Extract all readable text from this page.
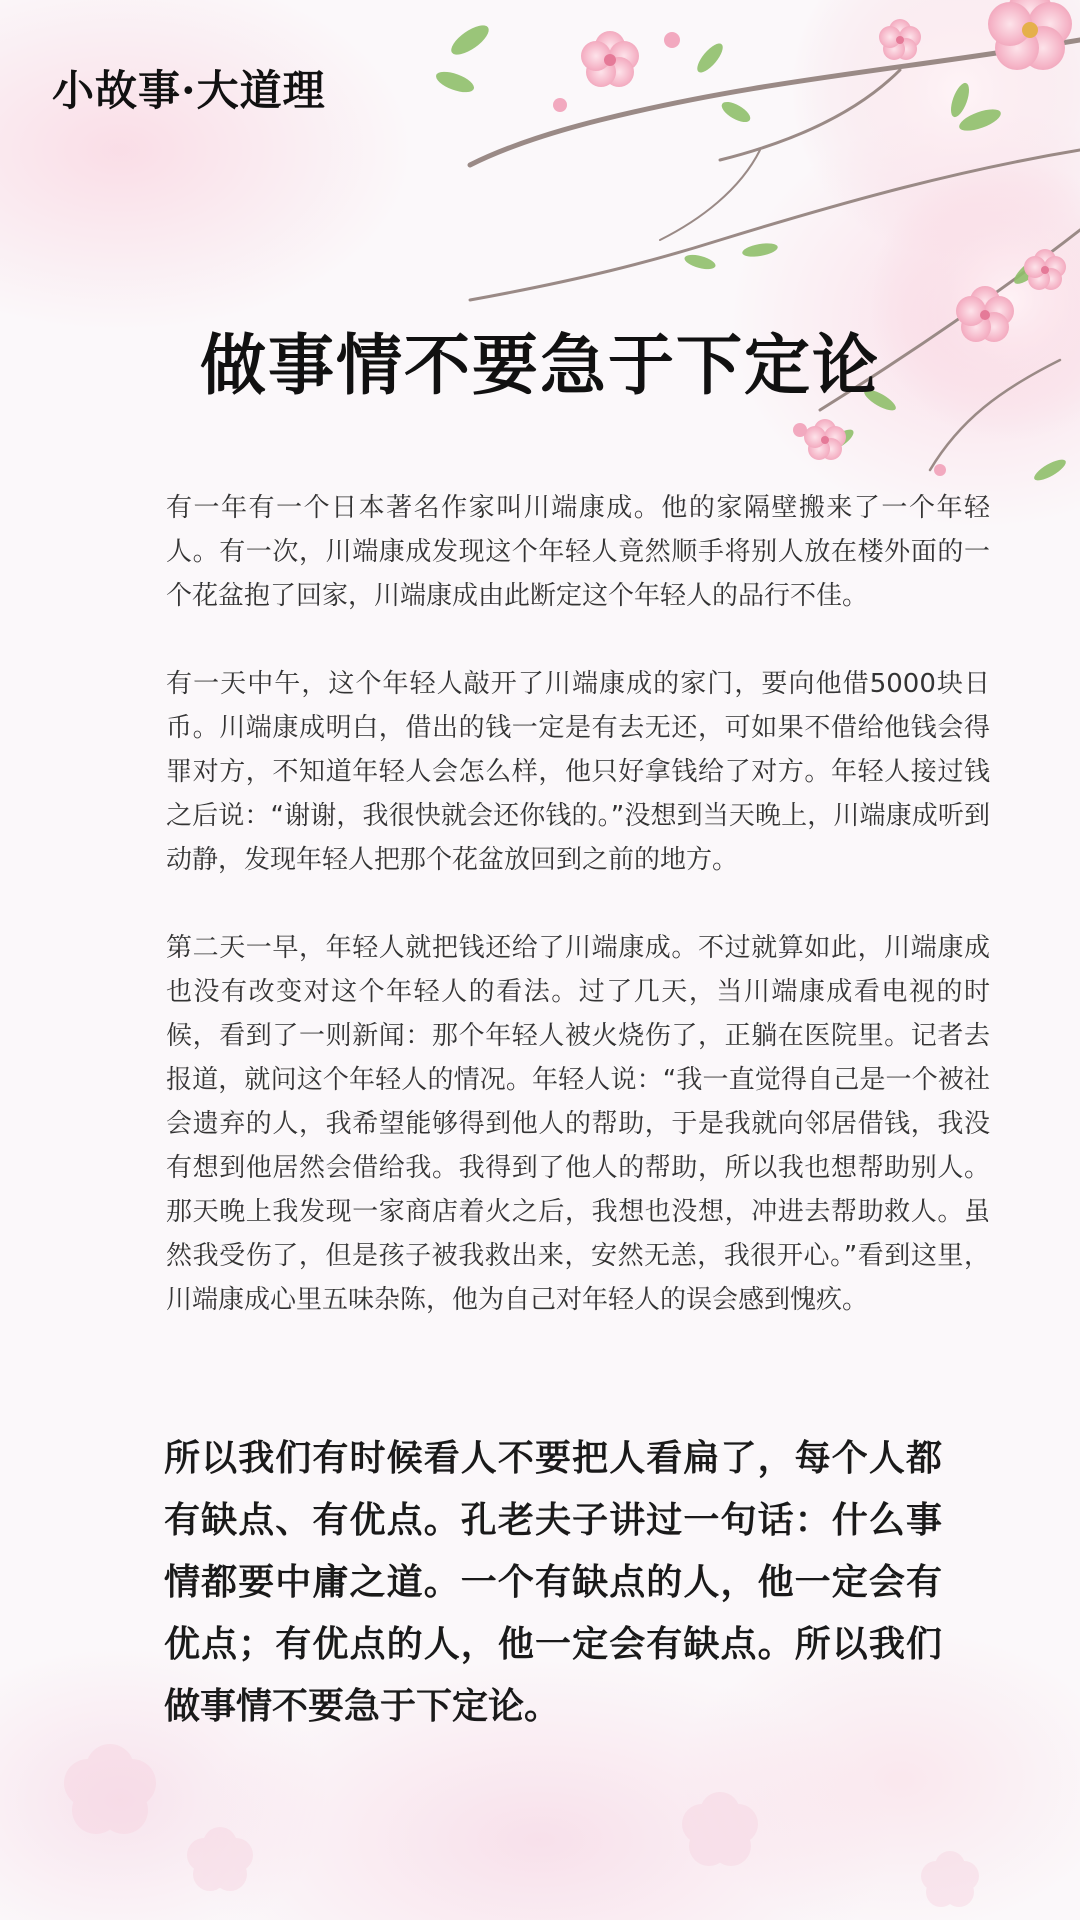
小故事·大道理
做事情不要急于下定论

有一年有一个日本著名作家叫川端康成。他的家隔壁搬来了一个年轻人。有一次，川端康成发现这个年轻人竟然顺手将别人放在楼外面的一个花盆抱了回家，川端康成由此断定这个年轻人的品行不佳。

有一天中午，这个年轻人敲开了川端康成的家门，要向他借5000块日币。川端康成明白，借出的钱一定是有去无还，可如果不借给他钱会得罪对方，不知道年轻人会怎么样，他只好拿钱给了对方。年轻人接过钱之后说：“谢谢，我很快就会还你钱的。”没想到当天晚上，川端康成听到动静，发现年轻人把那个花盆放回到之前的地方。

第二天一早，年轻人就把钱还给了川端康成。不过就算如此，川端康成也没有改变对这个年轻人的看法。过了几天，当川端康成看电视的时候，看到了一则新闻：那个年轻人被火烧伤了，正躺在医院里。记者去报道，就问这个年轻人的情况。年轻人说：“我一直觉得自己是一个被社会遗弃的人，我希望能够得到他人的帮助，于是我就向邻居借钱，我没有想到他居然会借给我。我得到了他人的帮助，所以我也想帮助别人。那天晚上我发现一家商店着火之后，我想也没想，冲进去帮助救人。虽然我受伤了，但是孩子被我救出来，安然无恙，我很开心。”看到这里，川端康成心里五味杂陈，他为自己对年轻人的误会感到愧疚。

所以我们有时候看人不要把人看扁了，每个人都有缺点、有优点。孔老夫子讲过一句话：什么事情都要中庸之道。一个有缺点的人，他一定会有优点；有优点的人，他一定会有缺点。所以我们做事情不要急于下定论。
